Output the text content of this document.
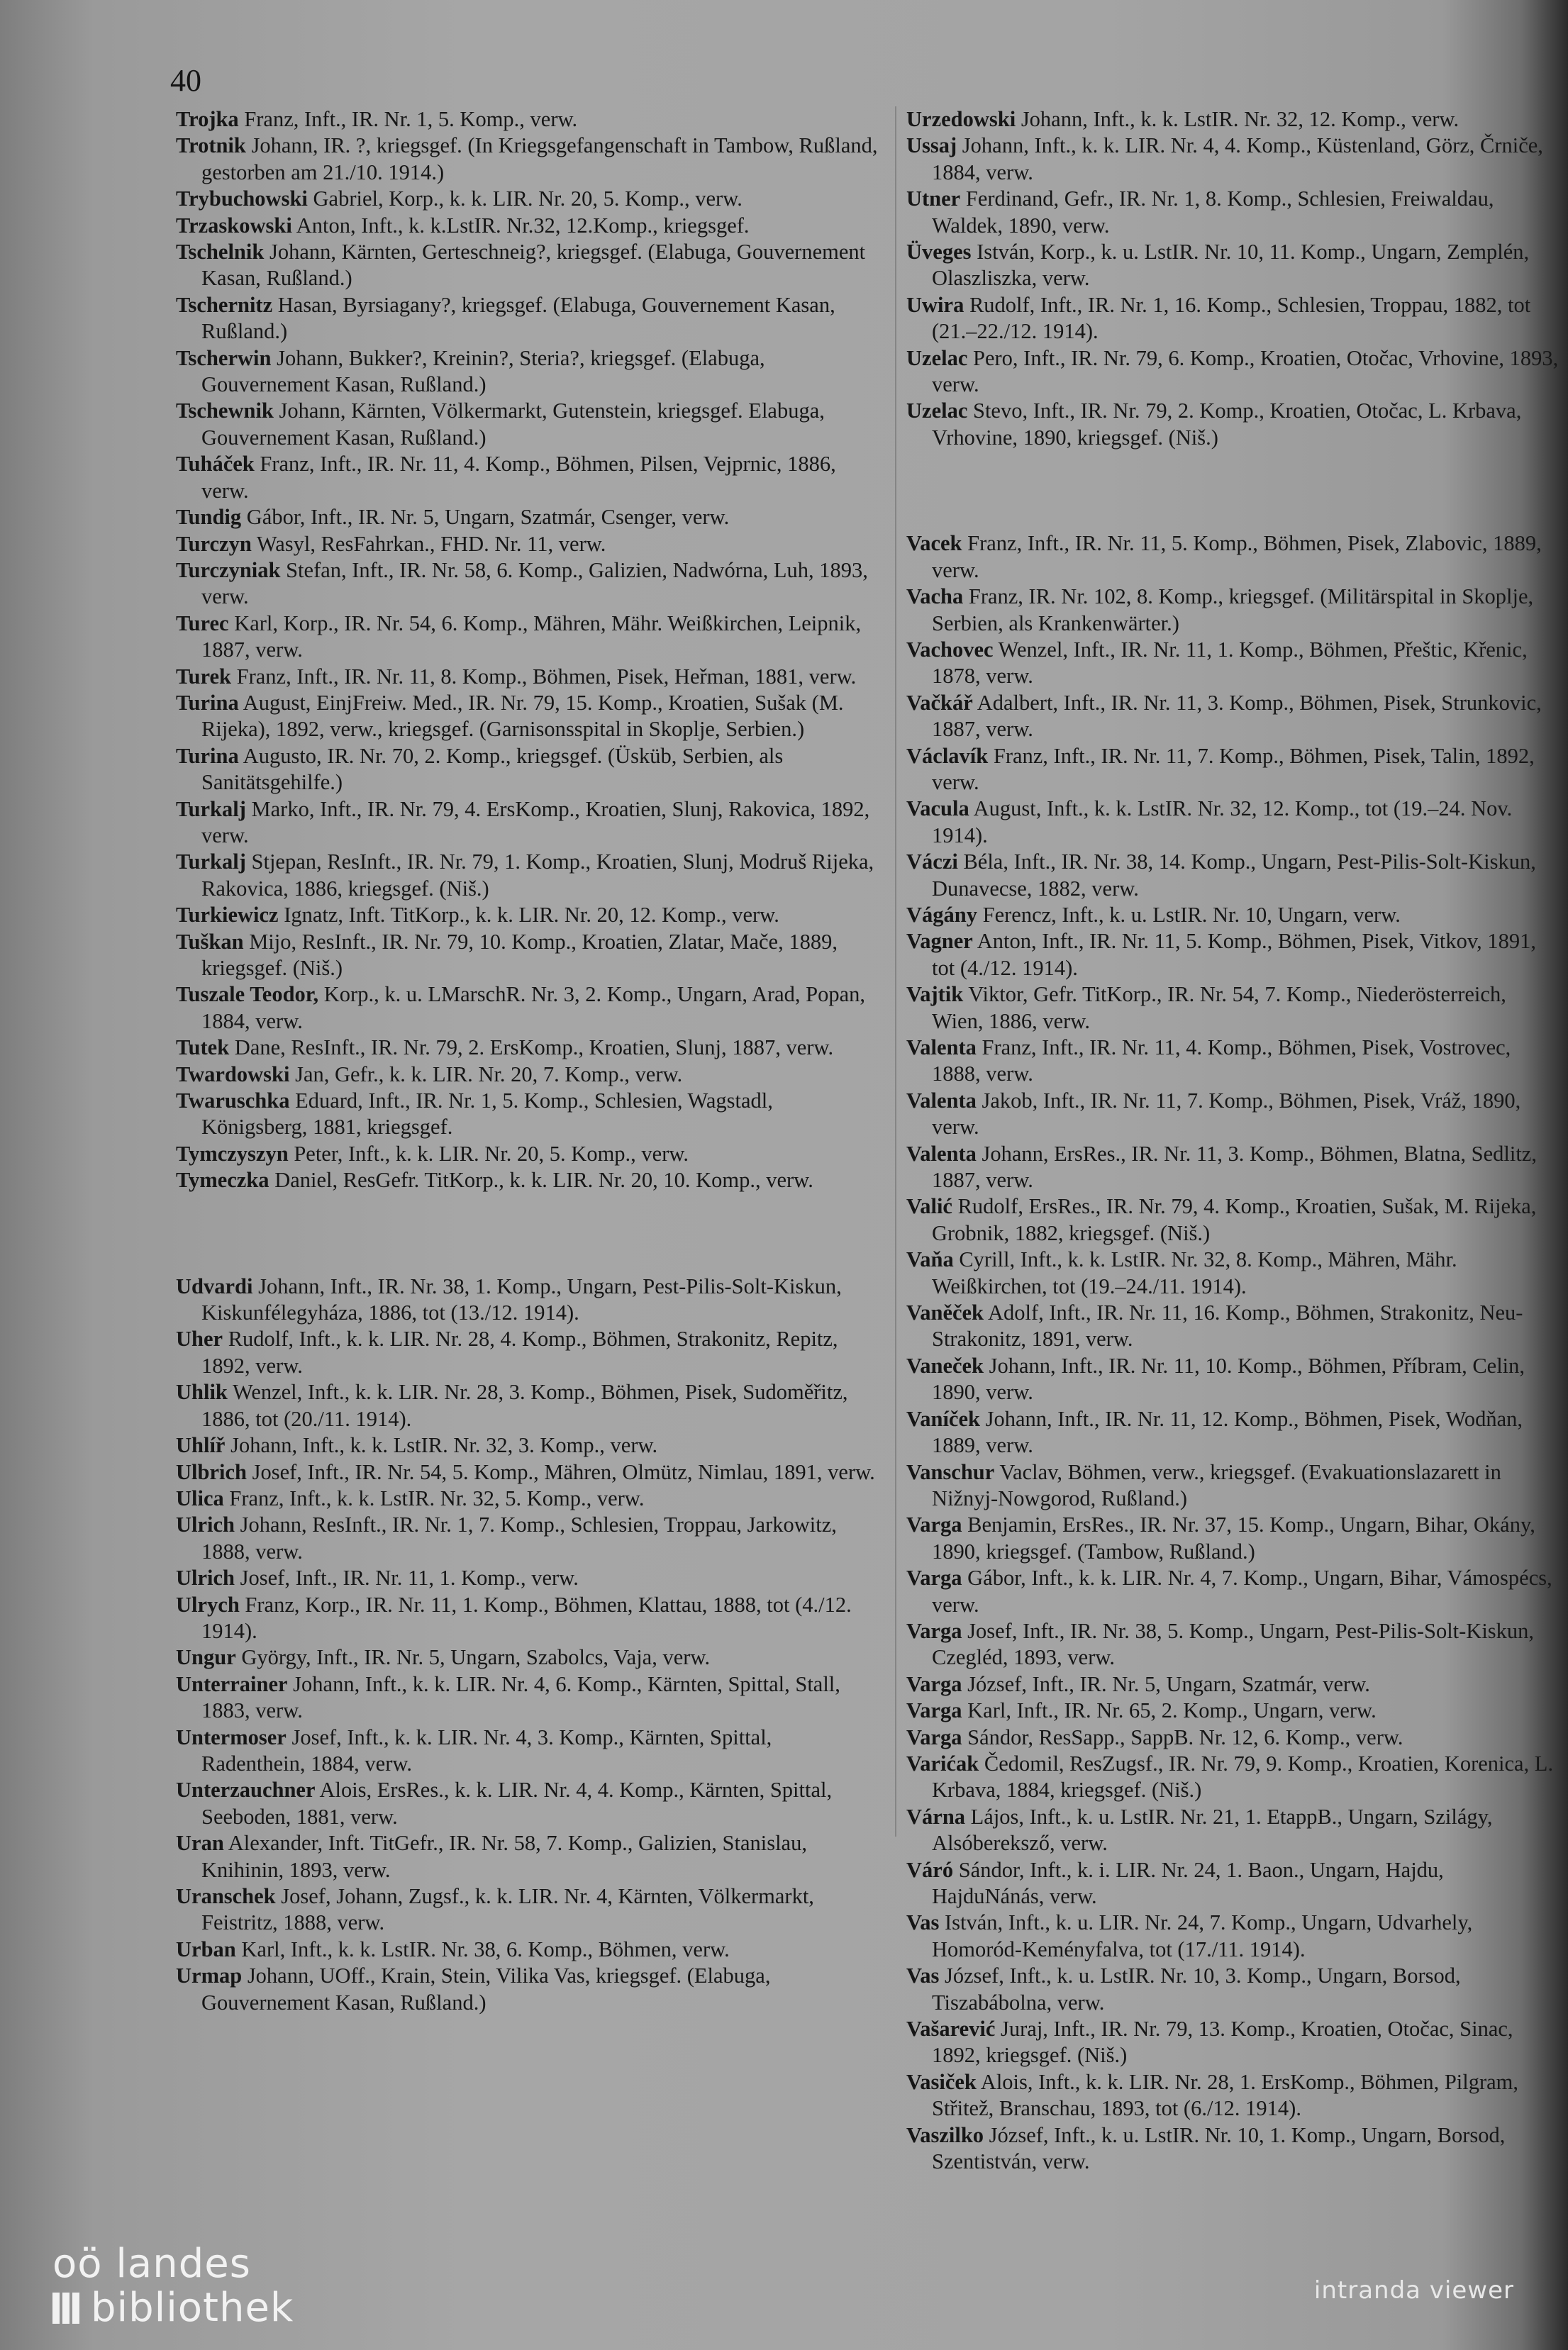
40

Trojka Franz, Inft., IR. Nr. 1, 5. Komp., verw.

Trotnik Johann, IR. ?, kriegsgef. (In Kriegsgefangenschaft in Tambow, Rußland, gestorben am 21./10. 1914.)

Trybuchowski Gabriel, Korp., k. k. LIR. Nr. 20, 5. Komp., verw.

Trzaskowski Anton, Inft., k. k.LstIR. Nr.32, 12.Komp., kriegsgef.

Tschelnik Johann, Kärnten, Gerteschneig?, kriegsgef. (Elabuga, Gouvernement Kasan, Rußland.)

Tschernitz Hasan, Byrsiagany?, kriegsgef. (Elabuga, Gouvernement Kasan, Rußland.)

Tscherwin Johann, Bukker?, Kreinin?, Steria?, kriegsgef. (Elabuga, Gouvernement Kasan, Rußland.)

Tschewnik Johann, Kärnten, Völkermarkt, Gutenstein, kriegsgef. Elabuga, Gouvernement Kasan, Rußland.)

Tuháček Franz, Inft., IR. Nr. 11, 4. Komp., Böhmen, Pilsen, Vejprnic, 1886, verw.

Tundig Gábor, Inft., IR. Nr. 5, Ungarn, Szatmár, Csenger, verw.

Turczyn Wasyl, ResFahrkan., FHD. Nr. 11, verw.

Turczyniak Stefan, Inft., IR. Nr. 58, 6. Komp., Galizien, Nadwórna, Luh, 1893, verw.

Turec Karl, Korp., IR. Nr. 54, 6. Komp., Mähren, Mähr. Weißkirchen, Leipnik, 1887, verw.

Turek Franz, Inft., IR. Nr. 11, 8. Komp., Böhmen, Pisek, Heřman, 1881, verw.

Turina August, EinjFreiw. Med., IR. Nr. 79, 15. Komp., Kroatien, Sušak (M. Rijeka), 1892, verw., kriegsgef. (Garnisonsspital in Skoplje, Serbien.)

Turina Augusto, IR. Nr. 70, 2. Komp., kriegsgef. (Üsküb, Serbien, als Sanitätsgehilfe.)

Turkalj Marko, Inft., IR. Nr. 79, 4. ErsKomp., Kroatien, Slunj, Rakovica, 1892, verw.

Turkalj Stjepan, ResInft., IR. Nr. 79, 1. Komp., Kroatien, Slunj, Modruš Rijeka, Rakovica, 1886, kriegsgef. (Niš.)

Turkiewicz Ignatz, Inft. TitKorp., k. k. LIR. Nr. 20, 12. Komp., verw.

Tuškan Mijo, ResInft., IR. Nr. 79, 10. Komp., Kroatien, Zlatar, Mače, 1889, kriegsgef. (Niš.)

Tuszale Teodor, Korp., k. u. LMarschR. Nr. 3, 2. Komp., Ungarn, Arad, Popan, 1884, verw.

Tutek Dane, ResInft., IR. Nr. 79, 2. ErsKomp., Kroatien, Slunj, 1887, verw.

Twardowski Jan, Gefr., k. k. LIR. Nr. 20, 7. Komp., verw.

Twaruschka Eduard, Inft., IR. Nr. 1, 5. Komp., Schlesien, Wagstadl, Königsberg, 1881, kriegsgef.

Tymczyszyn Peter, Inft., k. k. LIR. Nr. 20, 5. Komp., verw.

Tymeczka Daniel, ResGefr. TitKorp., k. k. LIR. Nr. 20, 10. Komp., verw.

Udvardi Johann, Inft., IR. Nr. 38, 1. Komp., Ungarn, Pest-Pilis-Solt-Kiskun, Kiskunfélegyháza, 1886, tot (13./12. 1914).

Uher Rudolf, Inft., k. k. LIR. Nr. 28, 4. Komp., Böhmen, Strakonitz, Repitz, 1892, verw.

Uhlik Wenzel, Inft., k. k. LIR. Nr. 28, 3. Komp., Böhmen, Pisek, Sudoměřitz, 1886, tot (20./11. 1914).

Uhlíř Johann, Inft., k. k. LstIR. Nr. 32, 3. Komp., verw.

Ulbrich Josef, Inft., IR. Nr. 54, 5. Komp., Mähren, Olmütz, Nimlau, 1891, verw.

Ulica Franz, Inft., k. k. LstIR. Nr. 32, 5. Komp., verw.

Ulrich Johann, ResInft., IR. Nr. 1, 7. Komp., Schlesien, Troppau, Jarkowitz, 1888, verw.

Ulrich Josef, Inft., IR. Nr. 11, 1. Komp., verw.

Ulrych Franz, Korp., IR. Nr. 11, 1. Komp., Böhmen, Klattau, 1888, tot (4./12. 1914).

Ungur György, Inft., IR. Nr. 5, Ungarn, Szabolcs, Vaja, verw.

Unterrainer Johann, Inft., k. k. LIR. Nr. 4, 6. Komp., Kärnten, Spittal, Stall, 1883, verw.

Untermoser Josef, Inft., k. k. LIR. Nr. 4, 3. Komp., Kärnten, Spittal, Radenthein, 1884, verw.

Unterzauchner Alois, ErsRes., k. k. LIR. Nr. 4, 4. Komp., Kärnten, Spittal, Seeboden, 1881, verw.

Uran Alexander, Inft. TitGefr., IR. Nr. 58, 7. Komp., Galizien, Stanislau, Knihinin, 1893, verw.

Uranschek Josef, Johann, Zugsf., k. k. LIR. Nr. 4, Kärnten, Völkermarkt, Feistritz, 1888, verw.

Urban Karl, Inft., k. k. LstIR. Nr. 38, 6. Komp., Böhmen, verw.

Urmap Johann, UOff., Krain, Stein, Vilika Vas, kriegsgef. (Elabuga, Gouvernement Kasan, Rußland.)

Urzedowski Johann, Inft., k. k. LstIR. Nr. 32, 12. Komp., verw.

Ussaj Johann, Inft., k. k. LIR. Nr. 4, 4. Komp., Küstenland, Görz, Črniče, 1884, verw.

Utner Ferdinand, Gefr., IR. Nr. 1, 8. Komp., Schlesien, Freiwaldau, Waldek, 1890, verw.

Üveges István, Korp., k. u. LstIR. Nr. 10, 11. Komp., Ungarn, Zemplén, Olaszliszka, verw.

Uwira Rudolf, Inft., IR. Nr. 1, 16. Komp., Schlesien, Troppau, 1882, tot (21.–22./12. 1914).

Uzelac Pero, Inft., IR. Nr. 79, 6. Komp., Kroatien, Otočac, Vrhovine, 1893, verw.

Uzelac Stevo, Inft., IR. Nr. 79, 2. Komp., Kroatien, Otočac, L. Krbava, Vrhovine, 1890, kriegsgef. (Niš.)

Vacek Franz, Inft., IR. Nr. 11, 5. Komp., Böhmen, Pisek, Zlabovic, 1889, verw.

Vacha Franz, IR. Nr. 102, 8. Komp., kriegsgef. (Militärspital in Skoplje, Serbien, als Krankenwärter.)

Vachovec Wenzel, Inft., IR. Nr. 11, 1. Komp., Böhmen, Přeštic, Křenic, 1878, verw.

Vačkář Adalbert, Inft., IR. Nr. 11, 3. Komp., Böhmen, Pisek, Strunkovic, 1887, verw.

Václavík Franz, Inft., IR. Nr. 11, 7. Komp., Böhmen, Pisek, Talin, 1892, verw.

Vacula August, Inft., k. k. LstIR. Nr. 32, 12. Komp., tot (19.–24. Nov. 1914).

Váczi Béla, Inft., IR. Nr. 38, 14. Komp., Ungarn, Pest-Pilis-Solt-Kiskun, Dunavecse, 1882, verw.

Vágány Ferencz, Inft., k. u. LstIR. Nr. 10, Ungarn, verw.

Vagner Anton, Inft., IR. Nr. 11, 5. Komp., Böhmen, Pisek, Vitkov, 1891, tot (4./12. 1914).

Vajtik Viktor, Gefr. TitKorp., IR. Nr. 54, 7. Komp., Niederösterreich, Wien, 1886, verw.

Valenta Franz, Inft., IR. Nr. 11, 4. Komp., Böhmen, Pisek, Vostrovec, 1888, verw.

Valenta Jakob, Inft., IR. Nr. 11, 7. Komp., Böhmen, Pisek, Vráž, 1890, verw.

Valenta Johann, ErsRes., IR. Nr. 11, 3. Komp., Böhmen, Blatna, Sedlitz, 1887, verw.

Valić Rudolf, ErsRes., IR. Nr. 79, 4. Komp., Kroatien, Sušak, M. Rijeka, Grobnik, 1882, kriegsgef. (Niš.)

Vaňa Cyrill, Inft., k. k. LstIR. Nr. 32, 8. Komp., Mähren, Mähr. Weißkirchen, tot (19.–24./11. 1914).

Vaněček Adolf, Inft., IR. Nr. 11, 16. Komp., Böhmen, Strakonitz, Neu-Strakonitz, 1891, verw.

Vaneček Johann, Inft., IR. Nr. 11, 10. Komp., Böhmen, Příbram, Celin, 1890, verw.

Vaníček Johann, Inft., IR. Nr. 11, 12. Komp., Böhmen, Pisek, Wodňan, 1889, verw.

Vanschur Vaclav, Böhmen, verw., kriegsgef. (Evakuationslazarett in Nižnyj-Nowgorod, Rußland.)

Varga Benjamin, ErsRes., IR. Nr. 37, 15. Komp., Ungarn, Bihar, Okány, 1890, kriegsgef. (Tambow, Rußland.)

Varga Gábor, Inft., k. k. LIR. Nr. 4, 7. Komp., Ungarn, Bihar, Vámospécs, verw.

Varga Josef, Inft., IR. Nr. 38, 5. Komp., Ungarn, Pest-Pilis-Solt-Kiskun, Czegléd, 1893, verw.

Varga József, Inft., IR. Nr. 5, Ungarn, Szatmár, verw.

Varga Karl, Inft., IR. Nr. 65, 2. Komp., Ungarn, verw.

Varga Sándor, ResSapp., SappB. Nr. 12, 6. Komp., verw.

Varićak Čedomil, ResZugsf., IR. Nr. 79, 9. Komp., Kroatien, Korenica, L. Krbava, 1884, kriegsgef. (Niš.)

Várna Lájos, Inft., k. u. LstIR. Nr. 21, 1. EtappB., Ungarn, Szilágy, Alsóbereksző, verw.

Váró Sándor, Inft., k. i. LIR. Nr. 24, 1. Baon., Ungarn, Hajdu, HajduNánás, verw.

Vas István, Inft., k. u. LIR. Nr. 24, 7. Komp., Ungarn, Udvarhely, Homoród-Keményfalva, tot (17./11. 1914).

Vas József, Inft., k. u. LstIR. Nr. 10, 3. Komp., Ungarn, Borsod, Tiszabábolna, verw.

Vašarević Juraj, Inft., IR. Nr. 79, 13. Komp., Kroatien, Otočac, Sinac, 1892, kriegsgef. (Niš.)

Vasiček Alois, Inft., k. k. LIR. Nr. 28, 1. ErsKomp., Böhmen, Pilgram, Střitež, Branschau, 1893, tot (6./12. 1914).

Vaszilko József, Inft., k. u. LstIR. Nr. 10, 1. Komp., Ungarn, Borsod, Szentistván, verw.

oö landes
bibliothek	intranda viewer
